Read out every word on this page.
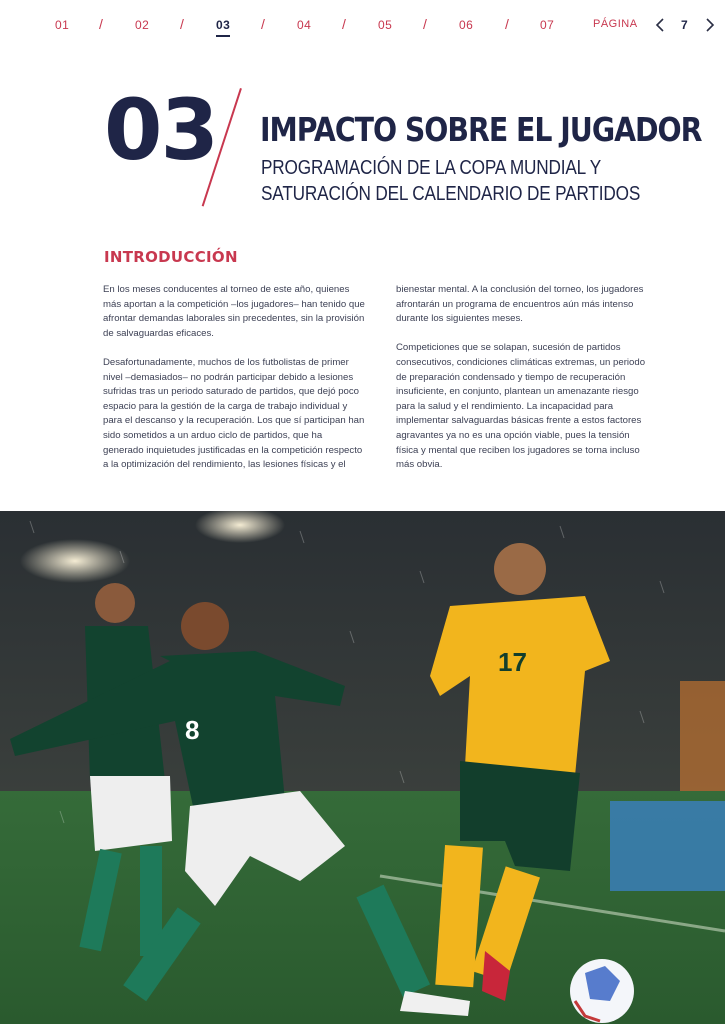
01 /	02 /	03 /	04 /	05 /	06 /	07	PÁGINA	7
03 IMPACTO SOBRE EL JUGADOR
PROGRAMACIÓN DE LA COPA MUNDIAL Y SATURACIÓN DEL CALENDARIO DE PARTIDOS
INTRODUCCIÓN

En los meses conducentes al torneo de este año, quienes más aportan a la competición –los jugadores– han tenido que afrontar demandas laborales sin precedentes, sin la provisión de salvaguardas eficaces.

Desafortunadamente, muchos de los futbolistas de primer nivel –demasiados– no podrán participar debido a lesiones sufridas tras un periodo saturado de partidos, que dejó poco espacio para la gestión de la carga de trabajo individual y para el descanso y la recuperación. Los que sí participan han sido sometidos a un arduo ciclo de partidos, que ha generado inquietudes justificadas en la competición respecto a la optimización del rendimiento, las lesiones físicas y el

bienestar mental. A la conclusión del torneo, los jugadores afrontarán un programa de encuentros aún más intenso durante los siguientes meses.

Competiciones que se solapan, sucesión de partidos consecutivos, condiciones climáticas extremas, un periodo de preparación condensado y tiempo de recuperación insuficiente, en conjunto, plantean un amenazante riesgo para la salud y el rendimiento. La incapacidad para implementar salvaguardas básicas frente a estos factores agravantes ya no es una opción viable, pues la tensión física y mental que reciben los jugadores se torna incluso más obvia.

8
17
